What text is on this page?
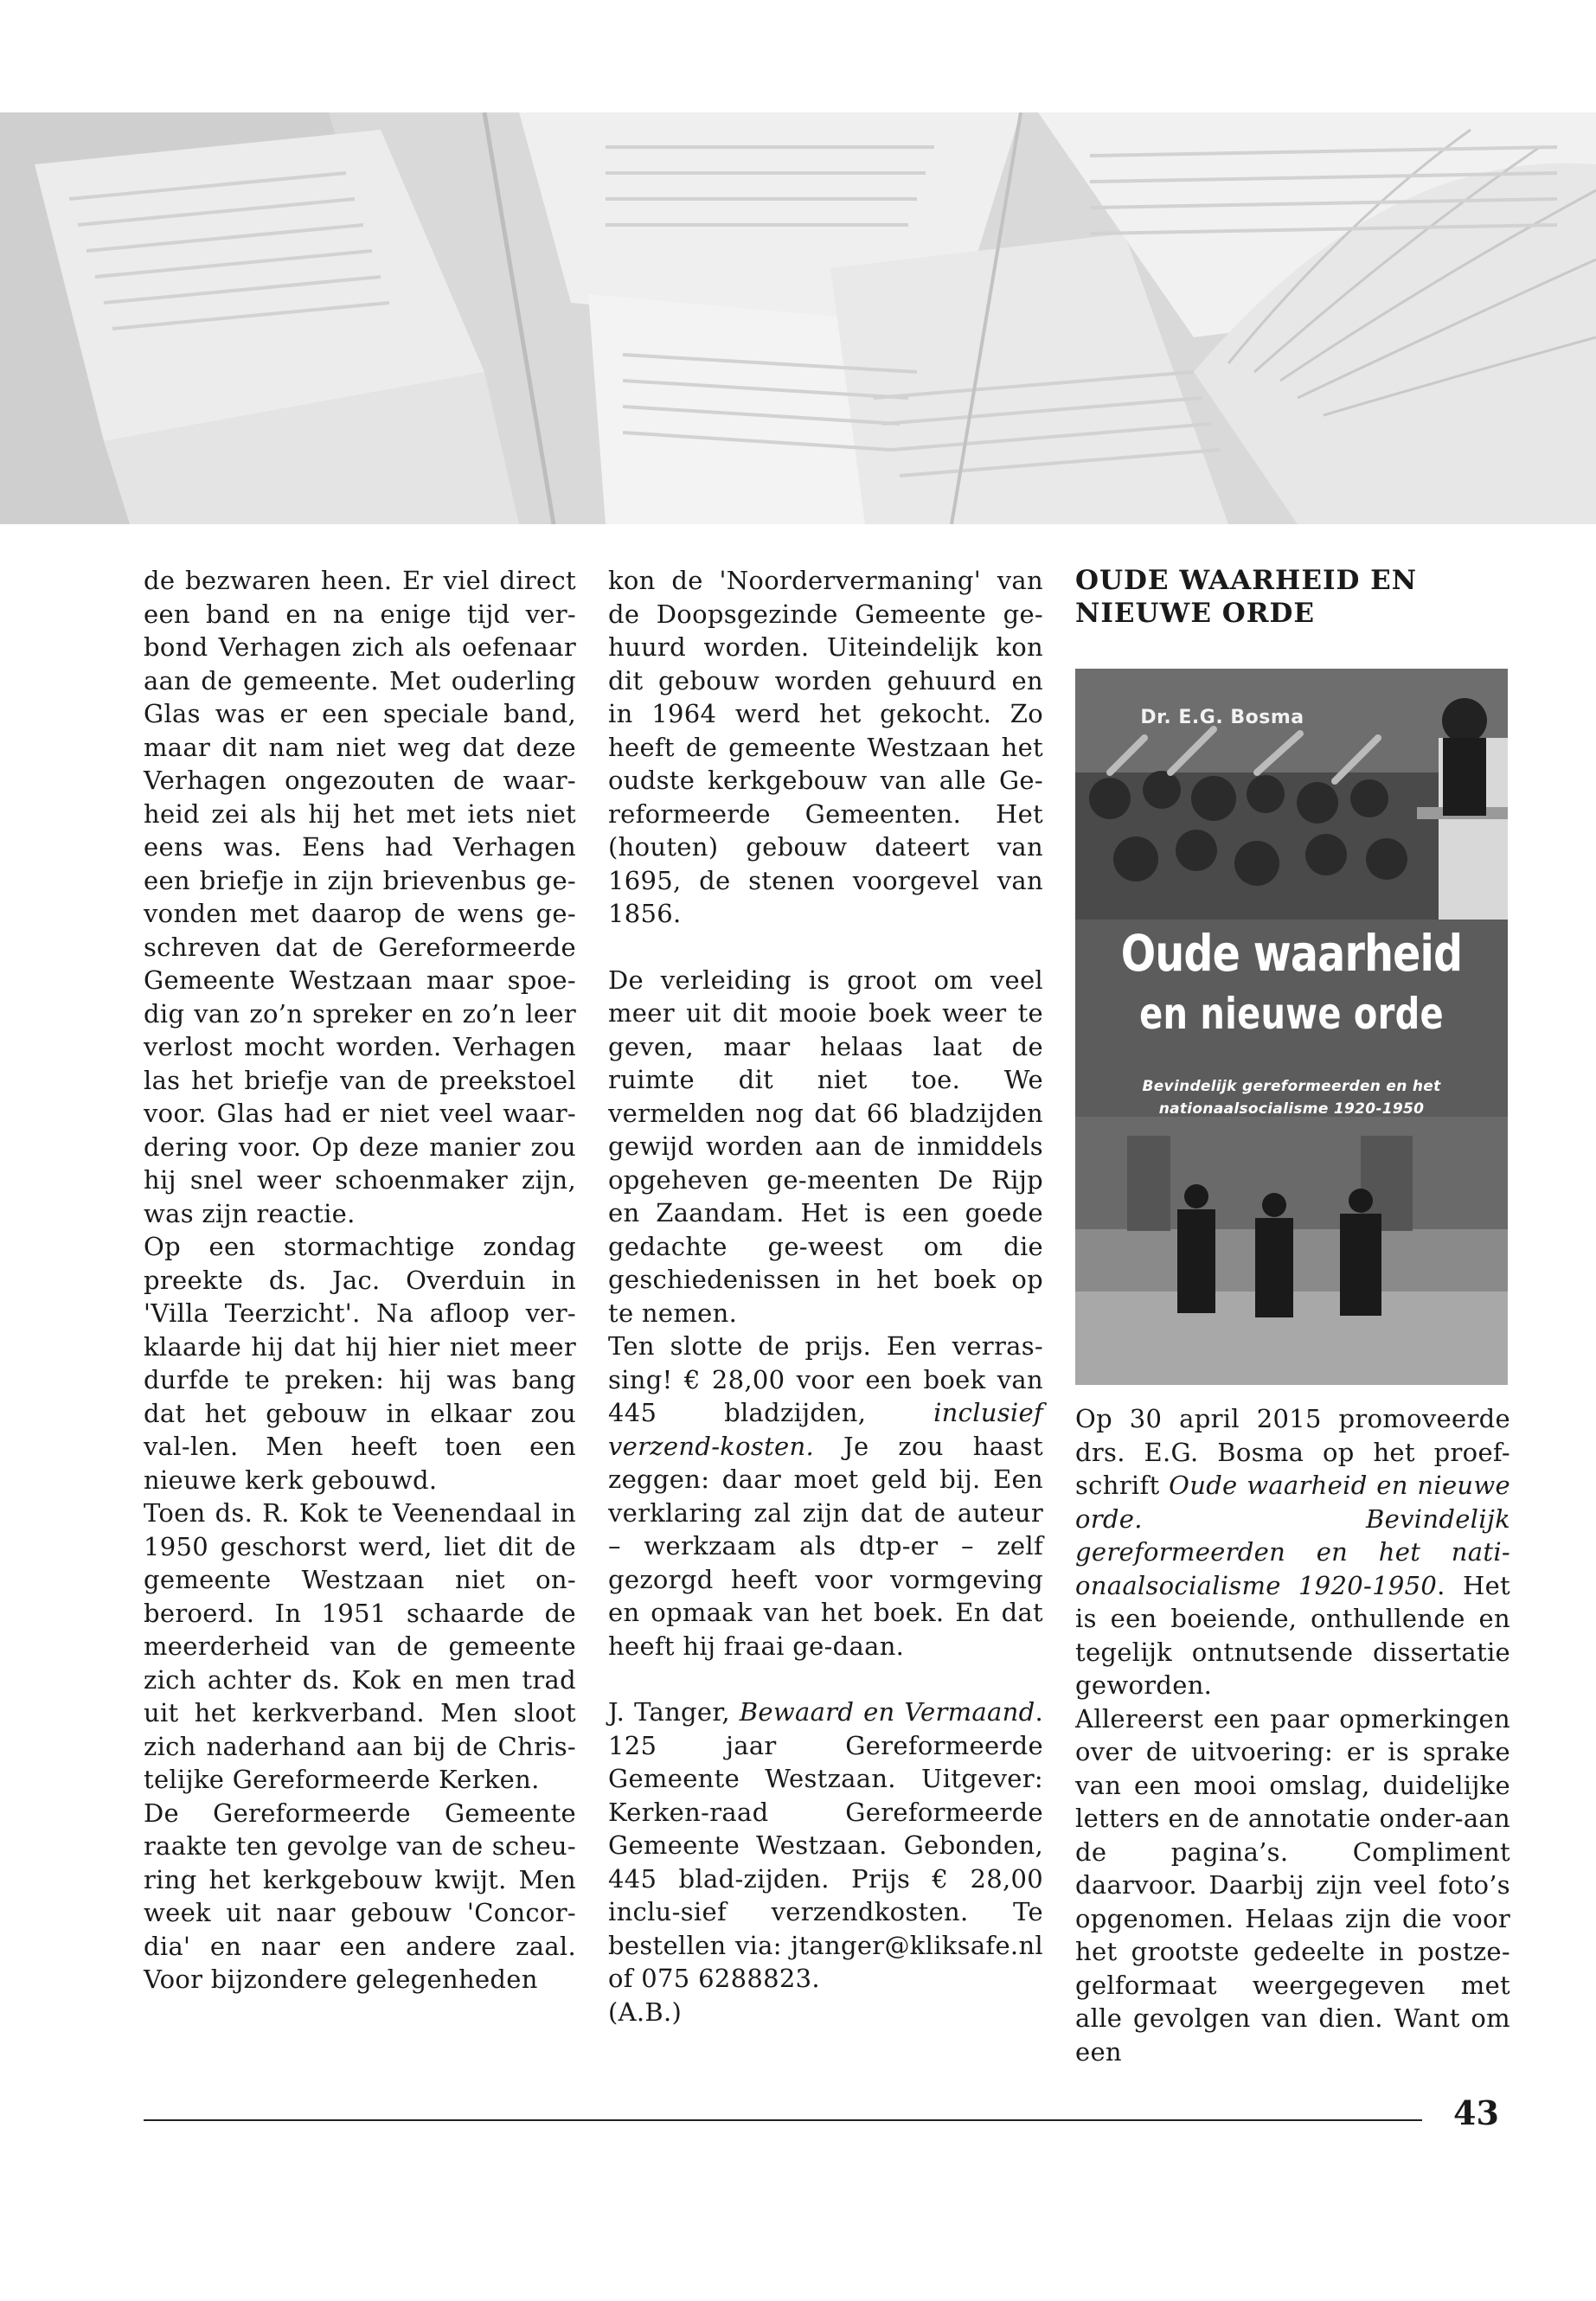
de bezwaren heen. Er viel direct een band en na enige tijd ver-bond Verhagen zich als oefenaar aan de gemeente. Met ouderling Glas was er een speciale band, maar dit nam niet weg dat deze Verhagen ongezouten de waar-heid zei als hij het met iets niet eens was. Eens had Verhagen een briefje in zijn brievenbus ge-vonden met daarop de wens ge-schreven dat de Gereformeerde Gemeente Westzaan maar spoe-dig van zo’n spreker en zo’n leer verlost mocht worden. Verhagen las het briefje van de preekstoel voor. Glas had er niet veel waar-dering voor. Op deze manier zou hij snel weer schoenmaker zijn, was zijn reactie.

Op een stormachtige zondag preekte ds. Jac. Overduin in 'Villa Teerzicht'. Na afloop ver-klaarde hij dat hij hier niet meer durfde te preken: hij was bang dat het gebouw in elkaar zou val-len. Men heeft toen een nieuwe kerk gebouwd.

Toen ds. R. Kok te Veenendaal in 1950 geschorst werd, liet dit de gemeente Westzaan niet on-beroerd. In 1951 schaarde de meerderheid van de gemeente zich achter ds. Kok en men trad uit het kerkverband. Men sloot zich naderhand aan bij de Chris-telijke Gereformeerde Kerken.

De Gereformeerde Gemeente raakte ten gevolge van de scheu-ring het kerkgebouw kwijt. Men week uit naar gebouw 'Concor-dia' en naar een andere zaal. Voor bijzondere gelegenheden

kon de 'Noordervermaning' van de Doopsgezinde Gemeente ge-huurd worden. Uiteindelijk kon dit gebouw worden gehuurd en in 1964 werd het gekocht. Zo heeft de gemeente Westzaan het oudste kerkgebouw van alle Ge-reformeerde Gemeenten. Het (houten) gebouw dateert van 1695, de stenen voorgevel van 1856.

De verleiding is groot om veel meer uit dit mooie boek weer te geven, maar helaas laat de ruimte dit niet toe. We vermelden nog dat 66 bladzijden gewijd worden aan de inmiddels opgeheven ge-meenten De Rijp en Zaandam. Het is een goede gedachte ge-weest om die geschiedenissen in het boek op te nemen.

Ten slotte de prijs. Een verras-sing! € 28,00 voor een boek van 445 bladzijden,	inclusief verzend-kosten. Je zou haast zeggen: daar moet geld bij. Een verklaring zal zijn dat de auteur – werkzaam als dtp-er – zelf gezorgd heeft voor vormgeving en opmaak van het boek. En dat heeft hij fraai ge-daan.

J. Tanger, Bewaard en Vermaand. 125 jaar Gereformeerde Gemeente Westzaan. Uitgever: Kerken-raad Gereformeerde Gemeente Westzaan. Gebonden, 445 blad-zijden. Prijs € 28,00 inclu-sief verzendkosten. Te bestellen via: jtanger@kliksafe.nl of 075 6288823.

(A.B.)

OUDE WAARHEID EN NIEUWE ORDE
Dr. E.G. Bosma
Oude waarheid
en nieuwe orde
Bevindelijk gereformeerden en het nationaalsocialisme 1920-1950

Op 30 april 2015 promoveerde drs. E.G. Bosma op het proef-schrift Oude waarheid en nieuwe orde. Bevindelijk gereformeerden en het nati-onaalsocialisme 1920-1950. Het is een boeiende, onthullende en tegelijk ontnutsende dissertatie geworden.

Allereerst een paar opmerkingen over de uitvoering: er is sprake van een mooi omslag, duidelijke letters en de annotatie onder-aan de pagina’s. Compliment daarvoor. Daarbij zijn veel foto’s opgenomen. Helaas zijn die voor het grootste gedeelte in postze-gelformaat weergegeven met alle gevolgen van dien. Want om een

43
